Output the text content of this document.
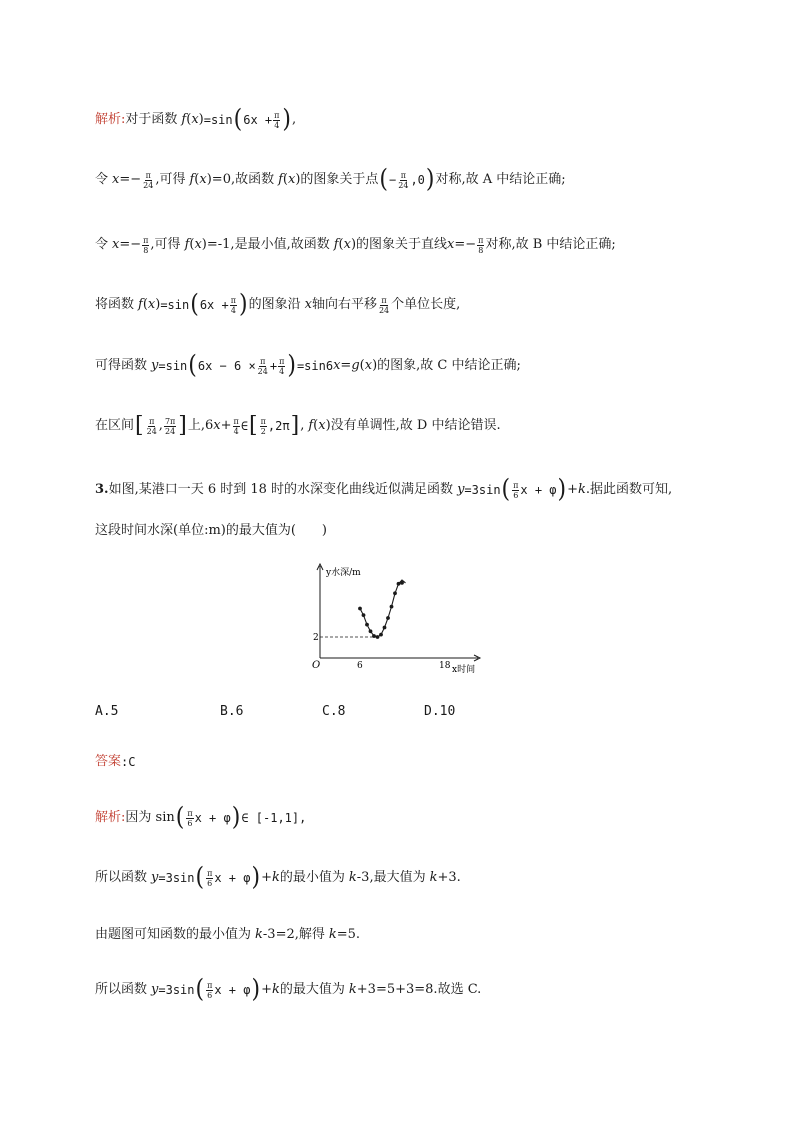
解析 : 对于函数 f ( x ) =sin ( $6x + \frac{\pi}{4}$ ) ,
令 $x =- \frac{\pi}{24}$ ,可得 f ( x ) =0,故函数 f ( x ) 的图象关于点 ( − $\frac{\pi}{24} ,0$ ) 对称,故 A 中结论正确;
令 $x =- \frac{\pi}{8}$ ,可得 f ( x ) =-1,是最小值,故函数 f ( x ) 的图象关于直线 $x =- \frac{\pi}{8}$ 对称,故 B 中结论正确;
将函数 f ( x ) =sin ( $6x + \frac{\pi}{4}$ ) 的图象沿 x 轴向右平移 $\frac{\pi}{24}$ 个单位长度,
可得函数 y =sin ( $6x - 6 \times \frac{\pi}{24} + \frac{\pi}{4}$ ) =sin6 x = g ( x ) 的图象,故 C 中结论正确;
在区间 [ $\frac{\pi}{24}$ , $\frac{7\pi}{24}$ ] 上,6 $x + \frac{\pi}{4}$ ∈ [ $\frac{\pi}{2} ,2\pi$ ] , f ( x ) 没有单调性,故 D 中结论错误.
3. 如图,某港口一天 6 时到 18 时的水深变化曲线近似满足函数 y =3sin ( $\frac{\pi}{6}$ x + φ ) + k .据此函数可知,
这段时间水深(单位:m)的最大值为(　　)
y水深/m
x时间
O	6	18
2
A.5	B.6	C.8	D.10
答案 :C
解析 : 因为 sin ( $\frac{\pi}{6}$ x + φ ) ∈ [-1,1],
所以函数 y =3sin ( $\frac{\pi}{6}$ x + φ ) + k 的最小值为 k -3,最大值为 k +3.
由题图可知函数的最小值为 k -3=2,解得 k =5.
所以函数 y =3sin ( $\frac{\pi}{6}$ x + φ ) + k 的最大值为 k +3=5+3=8.故选 C.
